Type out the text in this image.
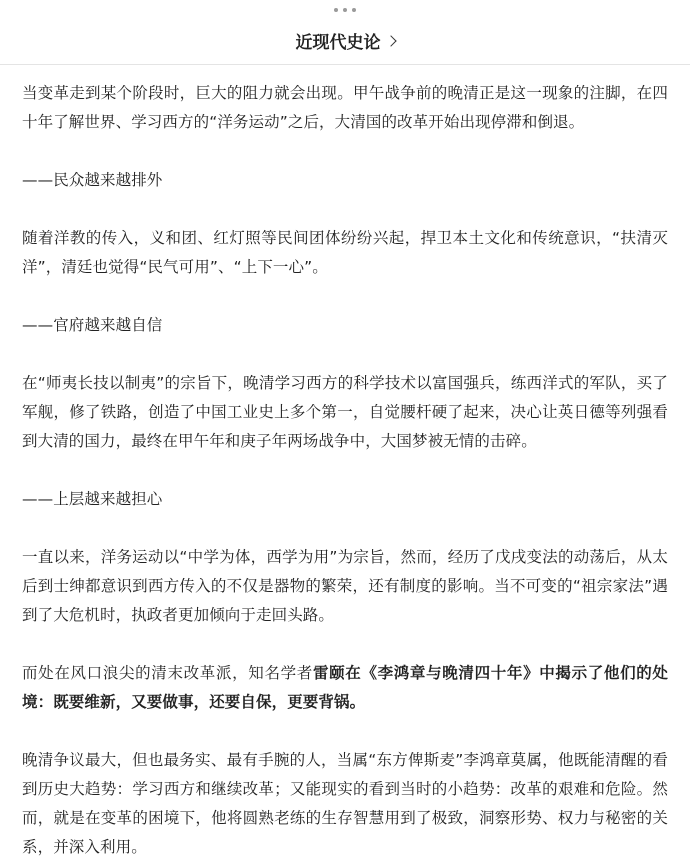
近现代史论

当变革走到某个阶段时，巨大的阻力就会出现。甲午战争前的晚清正是这一现象的注脚，在四十年了解世界、学习西方的“洋务运动”之后，大清国的改革开始出现停滞和倒退。

——民众越来越排外

随着洋教的传入，义和团、红灯照等民间团体纷纷兴起，捍卫本土文化和传统意识，“扶清灭洋”，清廷也觉得“民气可用”、“上下一心”。

——官府越来越自信

在“师夷长技以制夷”的宗旨下，晚清学习西方的科学技术以富国强兵，练西洋式的军队，买了军舰，修了铁路，创造了中国工业史上多个第一，自觉腰杆硬了起来，决心让英日德等列强看到大清的国力，最终在甲午年和庚子年两场战争中，大国梦被无情的击碎。

——上层越来越担心

一直以来，洋务运动以“中学为体，西学为用”为宗旨，然而，经历了戊戌变法的动荡后，从太后到士绅都意识到西方传入的不仅是器物的繁荣，还有制度的影响。当不可变的“祖宗家法”遇到了大危机时，执政者更加倾向于走回头路。

而处在风口浪尖的清末改革派，知名学者雷颐在《李鸿章与晚清四十年》中揭示了他们的处境：既要维新，又要做事，还要自保，更要背锅。

晚清争议最大，但也最务实、最有手腕的人，当属“东方俾斯麦”李鸿章莫属，他既能清醒的看到历史大趋势：学习西方和继续改革；又能现实的看到当时的小趋势：改革的艰难和危险。然而，就是在变革的困境下，他将圆熟老练的生存智慧用到了极致，洞察形势、权力与秘密的关系，并深入利用。
